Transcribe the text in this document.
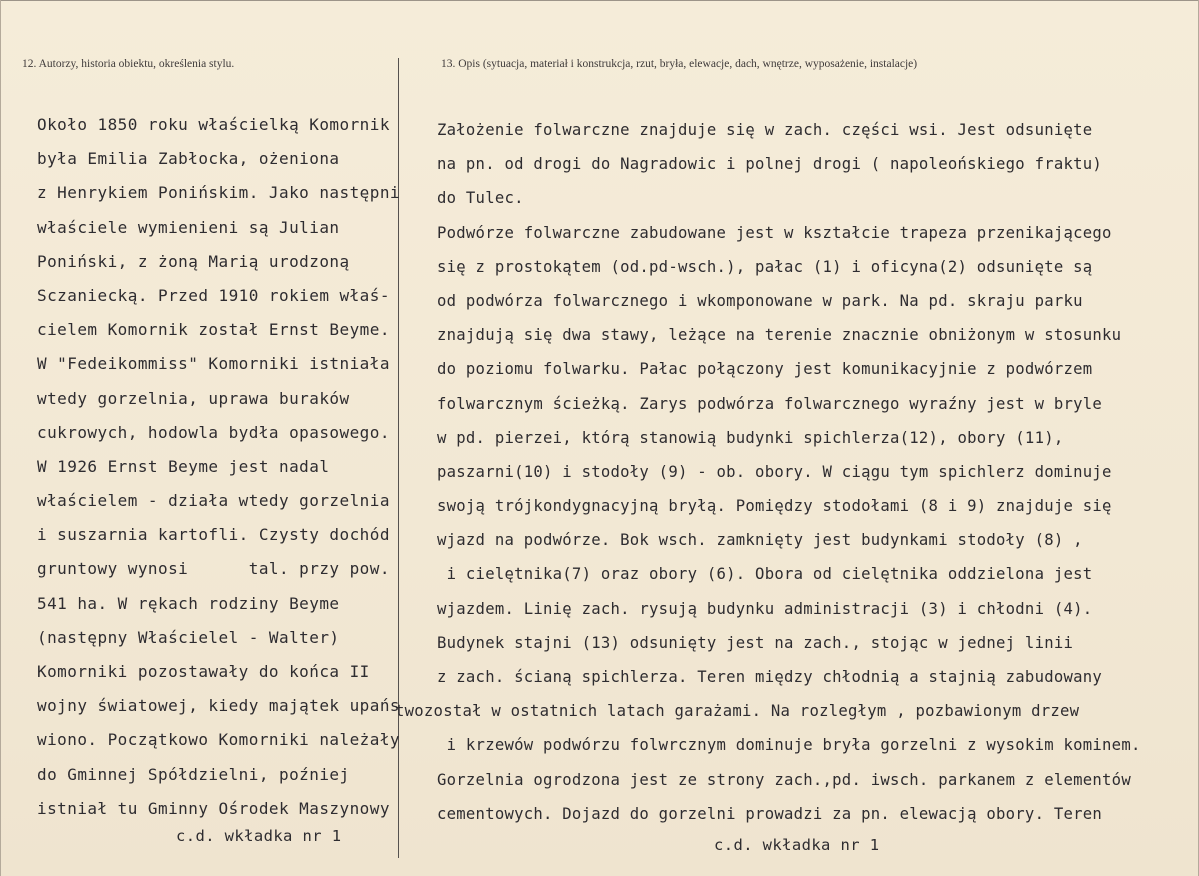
12. Autorzy, historia obiektu, określenia stylu.	13. Opis (sytuacja, materiał i konstrukcja, rzut, bryła, elewacje, dach, wnętrze, wyposażenie, instalacje)
Około 1850 roku właścielką Komornik
była Emilia Zabłocka, ożeniona
z Henrykiem Ponińskim. Jako następni
właściele wymienieni są Julian
Poniński, z żoną Marią urodzoną
Sczaniecką. Przed 1910 rokiem właś-
cielem Komornik został Ernst Beyme.
W "Fedeikommiss" Komorniki istniała
wtedy gorzelnia, uprawa buraków
cukrowych, hodowla bydła opasowego.
W 1926 Ernst Beyme jest nadal
właścielem - działa wtedy gorzelnia
i suszarnia kartofli. Czysty dochód
gruntowy wynosi      tal. przy pow.
541 ha. W rękach rodziny Beyme
(następny Właścielel - Walter)
Komorniki pozostawały do końca II
wojny światowej, kiedy majątek upańs
wiono. Początkowo Komorniki należały
do Gminnej Spółdzielni, poźniej
istniał tu Gminny Ośrodek Maszynowy
Założenie folwarczne znajduje się w zach. części wsi. Jest odsunięte
na pn. od drogi do Nagradowic i polnej drogi ( napoleońskiego fraktu)
do Tulec.
Podwórze folwarczne zabudowane jest w kształcie trapeza przenikającego
się z prostokątem (od.pd-wsch.), pałac (1) i oficyna(2) odsunięte są
od podwórza folwarcznego i wkomponowane w park. Na pd. skraju parku
znajdują się dwa stawy, leżące na terenie znacznie obniżonym w stosunku
do poziomu folwarku. Pałac połączony jest komunikacyjnie z podwórzem
folwarcznym ścieżką. Zarys podwórza folwarcznego wyraźny jest w bryle
w pd. pierzei, którą stanowią budynki spichlerza(12), obory (11),
paszarni(10) i stodoły (9) - ob. obory. W ciągu tym spichlerz dominuje
swoją trójkondygnacyjną bryłą. Pomiędzy stodołami (8 i 9) znajduje się
wjazd na podwórze. Bok wsch. zamknięty jest budynkami stodoły (8) ,
i cielętnika(7) oraz obory (6). Obora od cielętnika oddzielona jest
wjazdem. Linię zach. rysują budynku administracji (3) i chłodni (4).
Budynek stajni (13) odsunięty jest na zach., stojąc w jednej linii
z zach. ścianą spichlerza. Teren między chłodnią a stajnią zabudowany
twozostał w ostatnich latach garażami. Na rozległym , pozbawionym drzew
i krzewów podwórzu folwrcznym dominuje bryła gorzelni z wysokim kominem.
Gorzelnia ogrodzona jest ze strony zach.,pd. iwsch. parkanem z elementów
cementowych. Dojazd do gorzelni prowadzi za pn. elewacją obory. Teren
c.d. wkładka nr 1	c.d. wkładka nr 1
